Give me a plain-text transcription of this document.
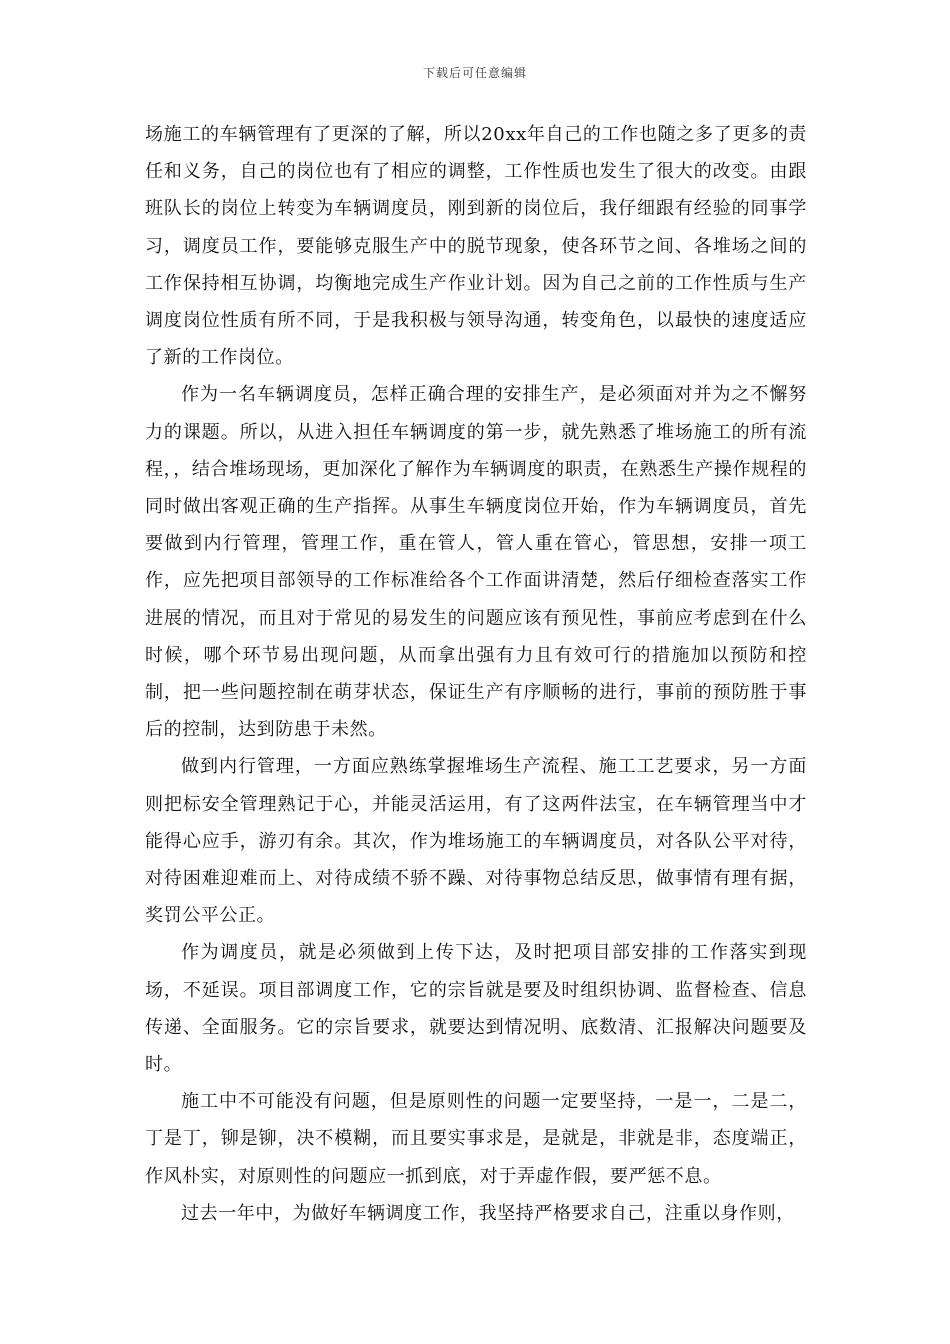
下载后可任意编辑

场施工的车辆管理有了更深的了解，所以20xx年自己的工作也随之多了更多的责任和义务，自己的岗位也有了相应的调整，工作性质也发生了很大的改变。由跟班队长的岗位上转变为车辆调度员，刚到新的岗位后，我仔细跟有经验的同事学习，调度员工作，要能够克服生产中的脱节现象，使各环节之间、各堆场之间的工作保持相互协调，均衡地完成生产作业计划。因为自己之前的工作性质与生产调度岗位性质有所不同，于是我积极与领导沟通，转变角色，以最快的速度适应了新的工作岗位。

作为一名车辆调度员，怎样正确合理的安排生产，是必须面对并为之不懈努力的课题。所以，从进入担任车辆调度的第一步，就先熟悉了堆场施工的所有流程，，结合堆场现场，更加深化了解作为车辆调度的职责，在熟悉生产操作规程的同时做出客观正确的生产指挥。从事生车辆度岗位开始，作为车辆调度员，首先要做到内行管理，管理工作，重在管人，管人重在管心，管思想，安排一项工作，应先把项目部领导的工作标准给各个工作面讲清楚，然后仔细检查落实工作进展的情况，而且对于常见的易发生的问题应该有预见性，事前应考虑到在什么时候，哪个环节易出现问题，从而拿出强有力且有效可行的措施加以预防和控制，把一些问题控制在萌芽状态，保证生产有序顺畅的进行，事前的预防胜于事后的控制，达到防患于未然。

做到内行管理，一方面应熟练掌握堆场生产流程、施工工艺要求，另一方面则把标安全管理熟记于心，并能灵活运用，有了这两件法宝，在车辆管理当中才能得心应手，游刃有余。其次，作为堆场施工的车辆调度员，对各队公平对待，对待困难迎难而上、对待成绩不骄不躁、对待事物总结反思，做事情有理有据，奖罚公平公正。

作为调度员，就是必须做到上传下达，及时把项目部安排的工作落实到现场，不延误。项目部调度工作，它的宗旨就是要及时组织协调、监督检查、信息传递、全面服务。它的宗旨要求，就要达到情况明、底数清、汇报解决问题要及时。

施工中不可能没有问题，但是原则性的问题一定要坚持，一是一，二是二，丁是丁，铆是铆，决不模糊，而且要实事求是，是就是，非就是非，态度端正，作风朴实，对原则性的问题应一抓到底，对于弄虚作假，要严惩不息。

过去一年中，为做好车辆调度工作，我坚持严格要求自己，注重以身作则，
